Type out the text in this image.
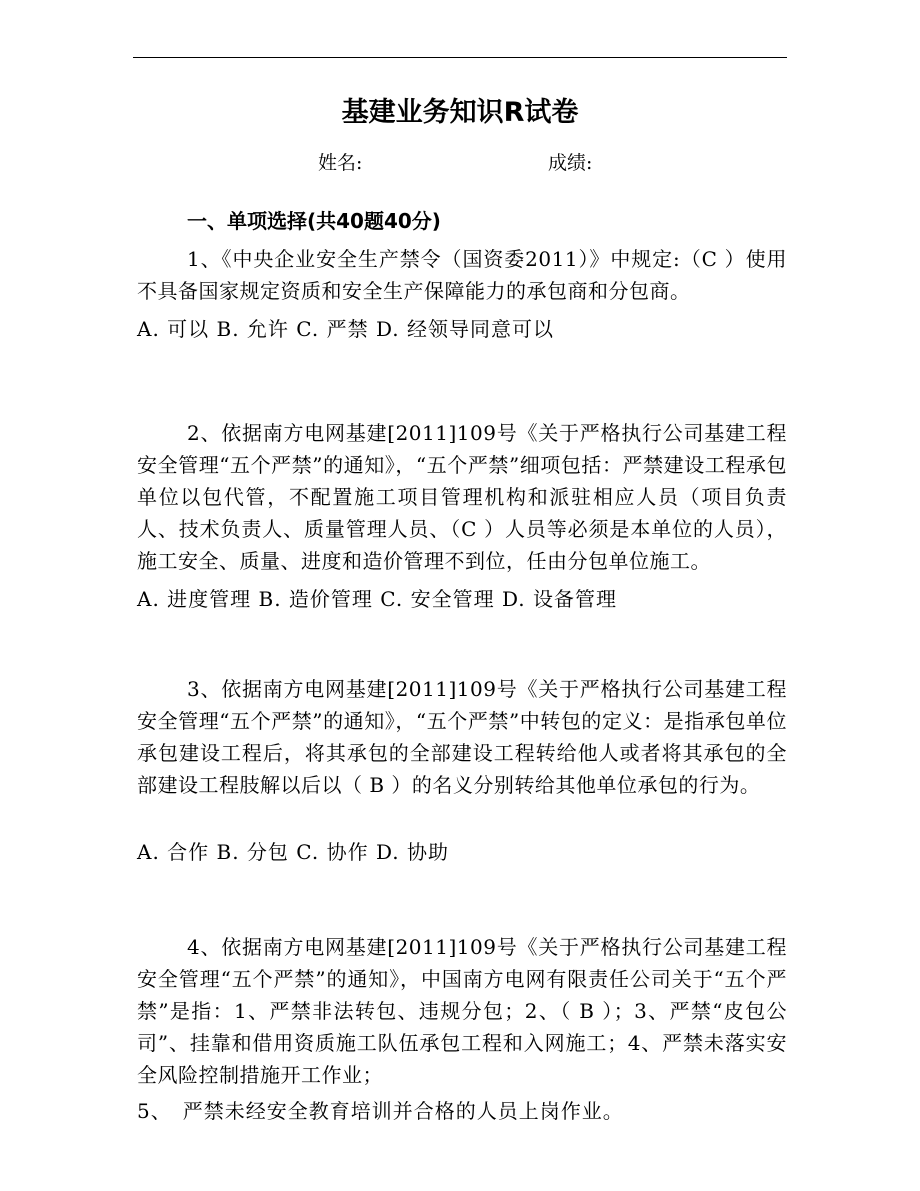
基建业务知识R试卷
姓名:	成绩:
一、单项选择(共40题40分)

1、《中央企业安全生产禁令（国资委2011）》中规定:（C ）使用不具备国家规定资质和安全生产保障能力的承包商和分包商。

A. 可以 B. 允许 C. 严禁 D. 经领导同意可以

2、依据南方电网基建[2011]109号《关于严格执行公司基建工程安全管理“五个严禁”的通知》，“五个严禁”细项包括：严禁建设工程承包单位以包代管，不配置施工项目管理机构和派驻相应人员（项目负责人、技术负责人、质量管理人员、（C ）人员等必须是本单位的人员），施工安全、质量、进度和造价管理不到位，任由分包单位施工。

A. 进度管理 B. 造价管理 C. 安全管理 D. 设备管理

3、依据南方电网基建[2011]109号《关于严格执行公司基建工程安全管理“五个严禁”的通知》，“五个严禁”中转包的定义：是指承包单位承包建设工程后，将其承包的全部建设工程转给他人或者将其承包的全部建设工程肢解以后以（ B ）的名义分别转给其他单位承包的行为。

A. 合作 B. 分包 C. 协作 D. 协助

4、依据南方电网基建[2011]109号《关于严格执行公司基建工程安全管理“五个严禁”的通知》，中国南方电网有限责任公司关于“五个严禁”是指：1、严禁非法转包、违规分包；2、（ B ）；3、严禁“皮包公司”、挂靠和借用资质施工队伍承包工程和入网施工；4、严禁未落实安全风险控制措施开工作业；

5、　严禁未经安全教育培训并合格的人员上岗作业。
